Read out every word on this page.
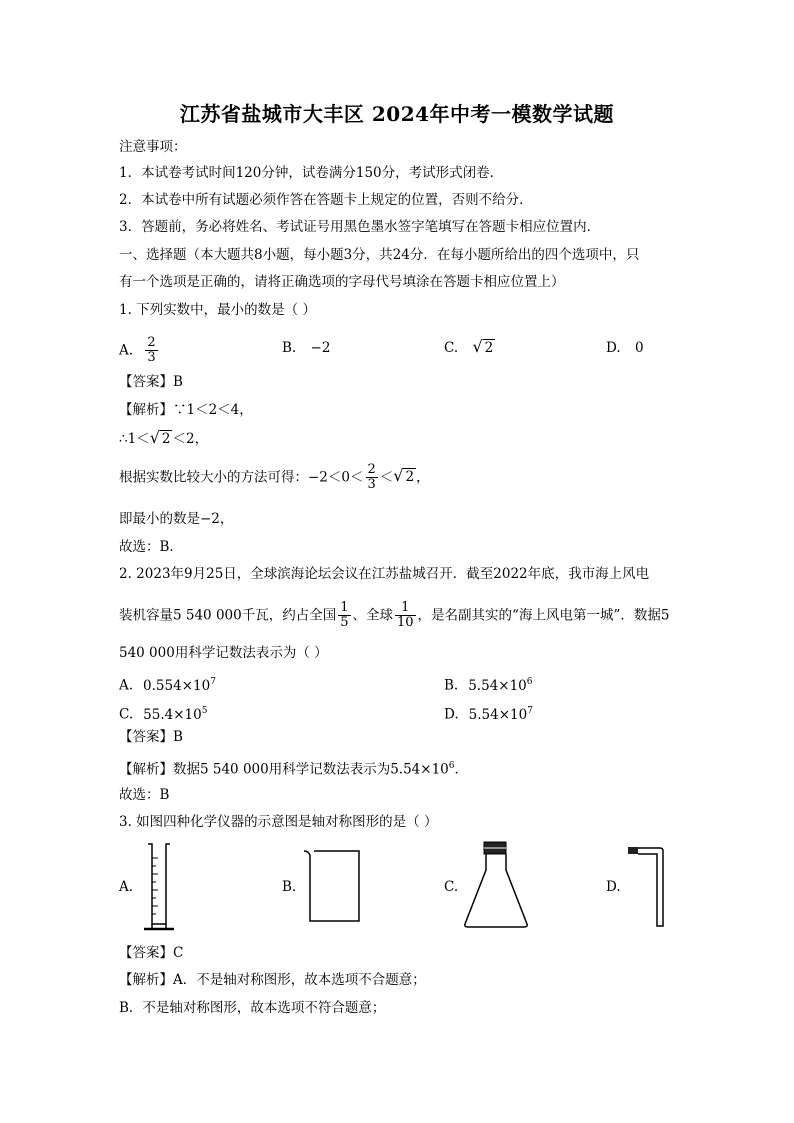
江苏省盐城市大丰区 2024年中考一模数学试题
注意事项：
1．本试卷考试时间120分钟，试卷满分150分，考试形式闭卷．
2．本试卷中所有试题必须作答在答题卡上规定的位置，否则不给分．
3．答题前，务必将姓名、考试证号用黑色墨水签字笔填写在答题卡相应位置内．
一、选择题（本大题共8小题，每小题3分，共24分．在每小题所给出的四个选项中，只
有一个选项是正确的，请将正确选项的字母代号填涂在答题卡相应位置上）
1. 下列实数中，最小的数是（ ）
A. $\frac{2}{3}$	B. −2	C. √ 2	D. 0
【答案】B
【解析】∵1＜2＜4，
∴1＜√ 2 ＜2，
根据实数比较大小的方法可得：$-2<0< \frac{2}{3}$ ＜√ 2 ，
即最小的数是−2，
故选：B．
2. 2023年9月25日，全球滨海论坛会议在江苏盐城召开．截至2022年底，我市海上风电
装机容量5 540 000千瓦，约占全国 $\frac{1}{5}$ 、全球 $\frac{1}{10}$ ，是名副其实的“海上风电第一城”．数据5
540 000用科学记数法表示为（ ）
A. $0.554\times 10^7$	B. $5.54\times 10^6$
C. $55.4\times 10^5$	D. $5.54\times 10^7$
【答案】B
【解析】数据5 540 000用科学记数法表示为$5.54\times 10^6$．
故选：B
3. 如图四种化学仪器的示意图是轴对称图形的是（ ）
A.	B.	C.	D.
【答案】C
【解析】A．不是轴对称图形，故本选项不合题意；
B．不是轴对称图形，故本选项不符合题意；
